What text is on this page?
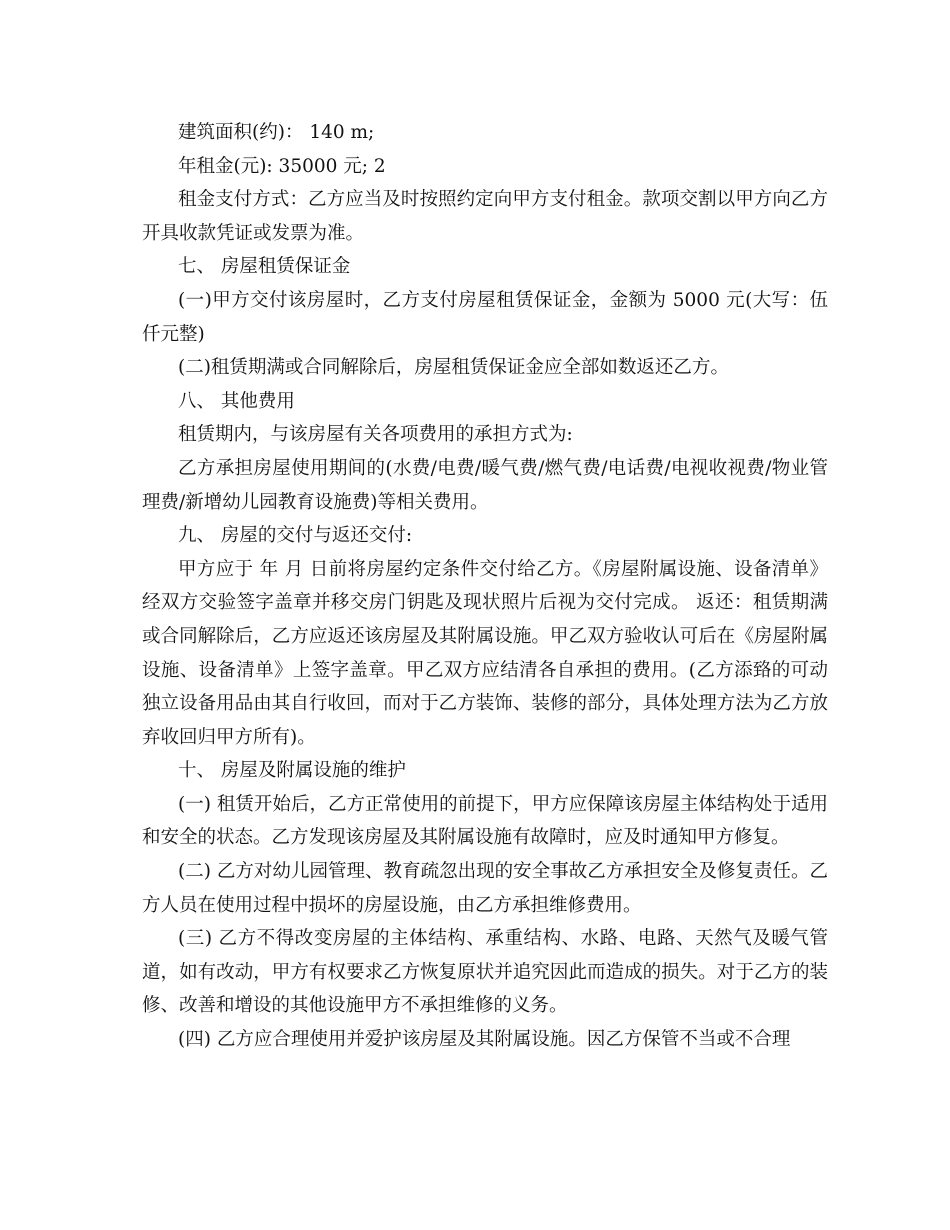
建筑面积(约)： 140 m;

年租金(元): 35000 元; 2

租金支付方式：乙方应当及时按照约定向甲方支付租金。款项交割以甲方向乙方开具收款凭证或发票为准。

七、 房屋租赁保证金

(一)甲方交付该房屋时，乙方支付房屋租赁保证金，金额为 5000 元(大写：伍仟元整)

(二)租赁期满或合同解除后，房屋租赁保证金应全部如数返还乙方。

八、 其他费用

租赁期内，与该房屋有关各项费用的承担方式为:

乙方承担房屋使用期间的(水费/电费/暖气费/燃气费/电话费/电视收视费/物业管理费/新增幼儿园教育设施费)等相关费用。

九、 房屋的交付与返还交付:

甲方应于 年 月 日前将房屋约定条件交付给乙方。《房屋附属设施、设备清单》经双方交验签字盖章并移交房门钥匙及现状照片后视为交付完成。 返还：租赁期满或合同解除后，乙方应返还该房屋及其附属设施。甲乙双方验收认可后在《房屋附属设施、设备清单》上签字盖章。甲乙双方应结清各自承担的费用。(乙方添臵的可动独立设备用品由其自行收回，而对于乙方装饰、装修的部分，具体处理方法为乙方放弃收回归甲方所有)。

十、 房屋及附属设施的维护

(一) 租赁开始后，乙方正常使用的前提下，甲方应保障该房屋主体结构处于适用和安全的状态。乙方发现该房屋及其附属设施有故障时，应及时通知甲方修复。

(二) 乙方对幼儿园管理、教育疏忽出现的安全事故乙方承担安全及修复责任。乙方人员在使用过程中损坏的房屋设施，由乙方承担维修费用。

(三) 乙方不得改变房屋的主体结构、承重结构、水路、电路、天然气及暖气管道，如有改动，甲方有权要求乙方恢复原状并追究因此而造成的损失。对于乙方的装修、改善和增设的其他设施甲方不承担维修的义务。

(四) 乙方应合理使用并爱护该房屋及其附属设施。因乙方保管不当或不合理
